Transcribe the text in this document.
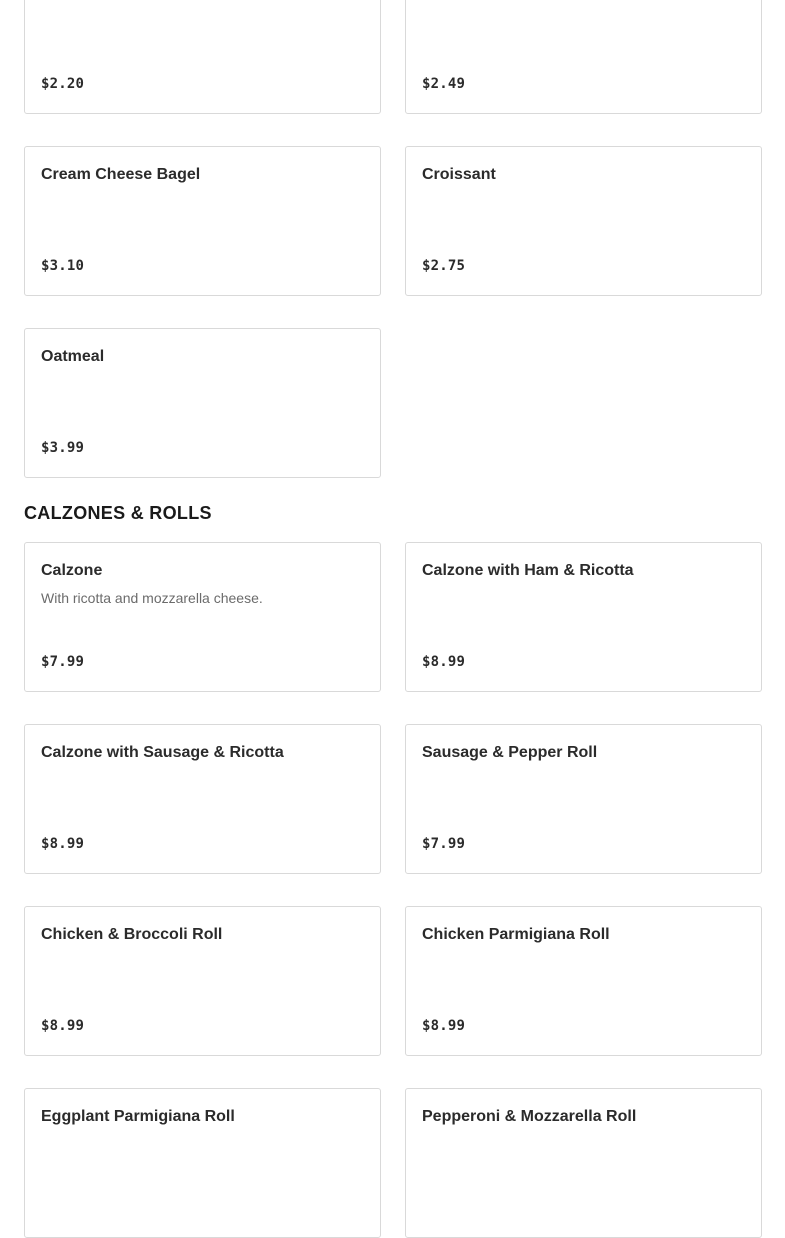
$2.20	$2.49
Cream Cheese Bagel
$3.10
Croissant
$2.75
Oatmeal
$3.99
CALZONES & ROLLS
Calzone
With ricotta and mozzarella cheese.
$7.99
Calzone with Ham & Ricotta
$8.99
Calzone with Sausage & Ricotta
$8.99
Sausage & Pepper Roll
$7.99
Chicken & Broccoli Roll
$8.99
Chicken Parmigiana Roll
$8.99
Eggplant Parmigiana Roll	Pepperoni & Mozzarella Roll
